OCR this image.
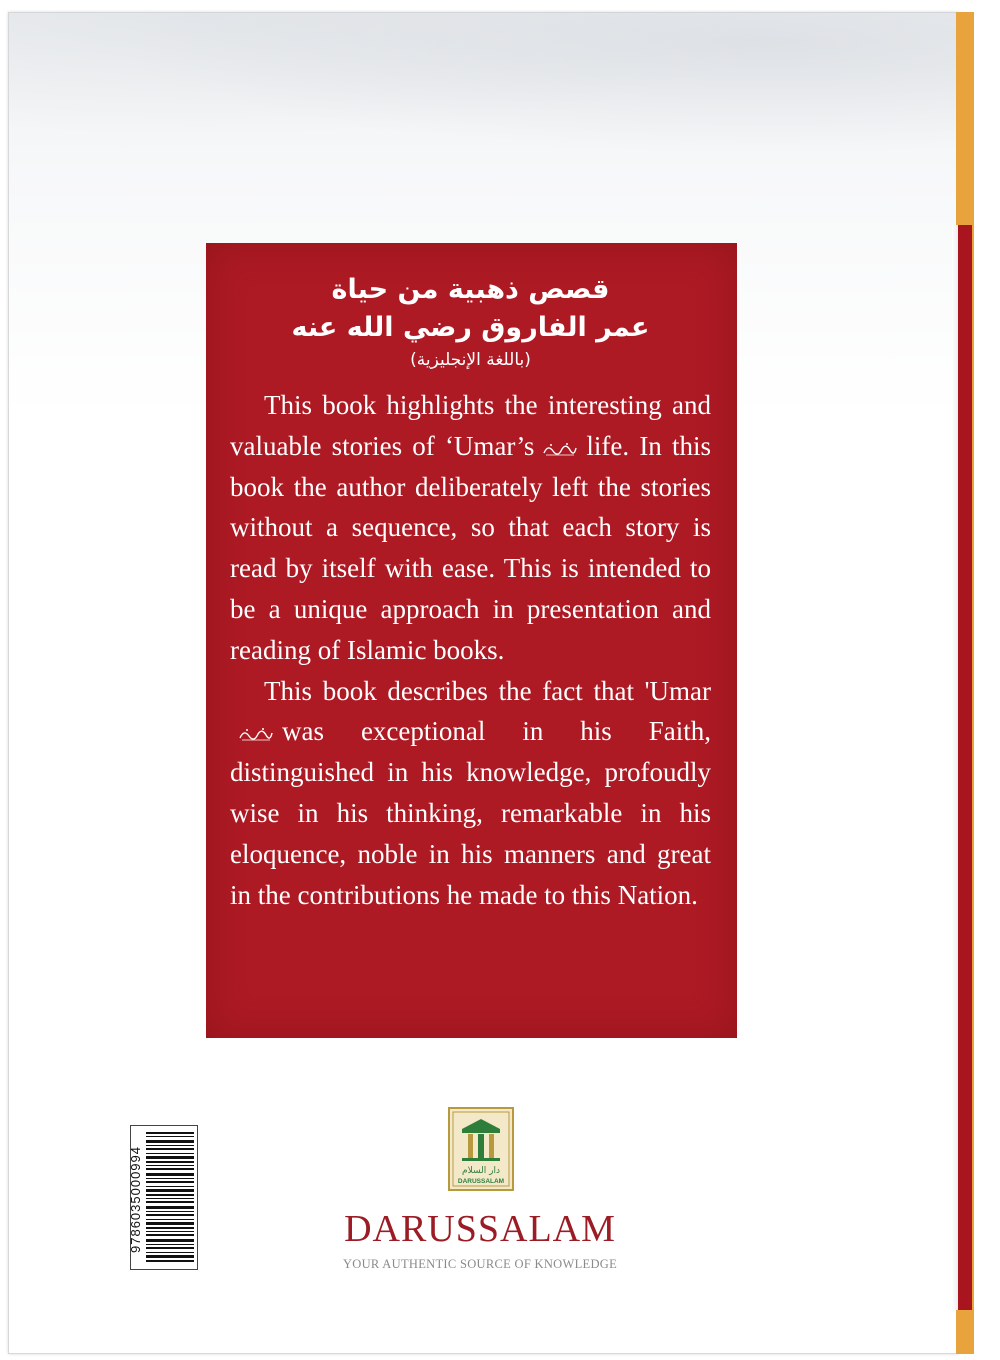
قصص ذهبية من حياة
عمر الفاروق رضي الله عنه
(باللغة الإنجليزية)

This book highlights the interesting and valuable stories of ‘Umar’s life. In this book the author deliberately left the stories without a sequence, so that each story is read by itself with ease. This is intended to be a unique approach in presentation and reading of Islamic books.

This book describes the fact that 'Umar
was exceptional in his Faith, distinguished in his knowledge, profoudly wise in his thinking, remarkable in his eloquence, noble in his manners and great in the contributions he made to this Nation.

9786035000994	دار السلام
DARUSSALAM
DARUSSALAM
YOUR AUTHENTIC SOURCE OF KNOWLEDGE
